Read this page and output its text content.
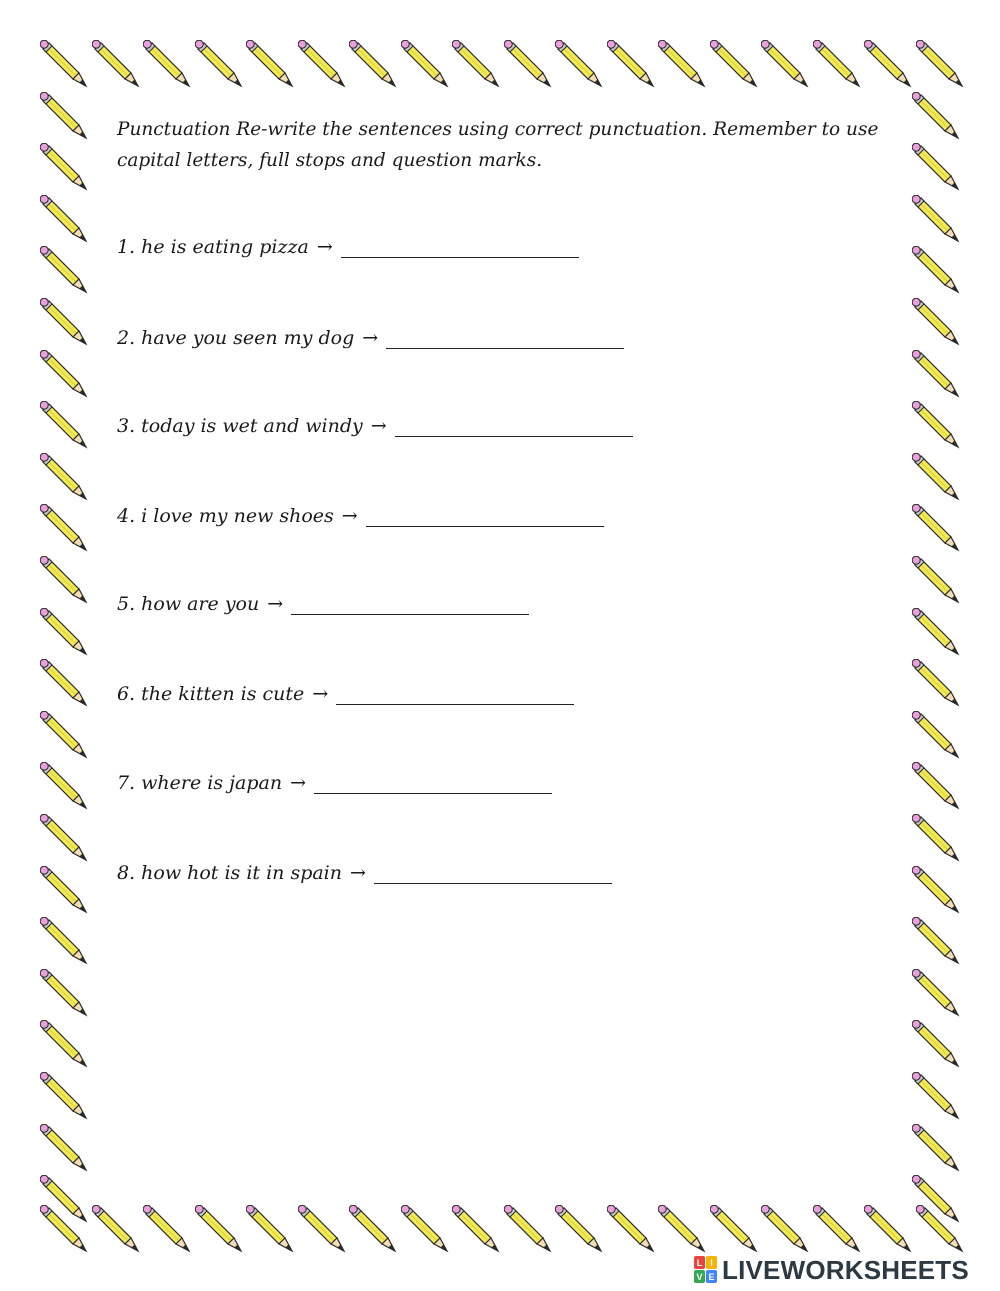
Punctuation Re-write the sentences using correct punctuation. Remember to use capital letters, full stops and question marks.

1. he is eating pizza →
2. have you seen my dog →
3. today is wet and windy →
4. i love my new shoes →
5. how are you →
6. the kitten is cute →
7. where is japan →
8. how hot is it in spain →
L I
V E LIVEWORKSHEETS
